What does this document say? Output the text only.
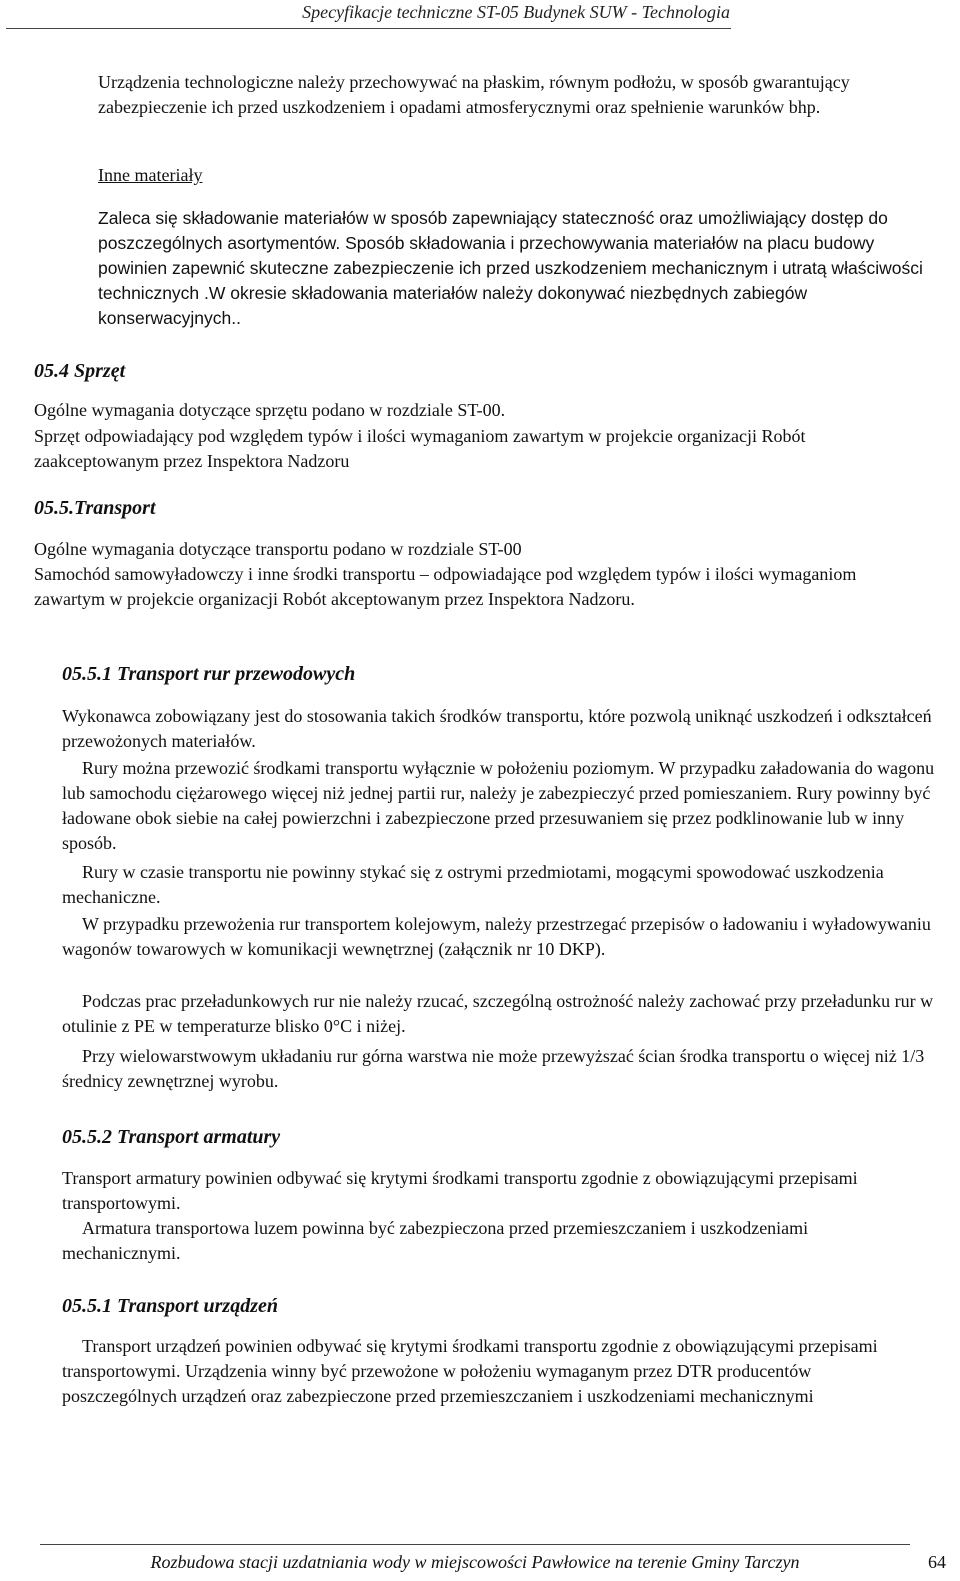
Specyfikacje techniczne ST-05 Budynek SUW - Technologia
Urządzenia technologiczne należy przechowywać na płaskim, równym podłożu, w sposób gwarantujący zabezpieczenie ich przed uszkodzeniem i opadami atmosferycznymi oraz spełnienie warunków bhp.
Inne materiały
Zaleca się składowanie materiałów w sposób zapewniający stateczność oraz umożliwiający dostęp do poszczególnych asortymentów. Sposób składowania i przechowywania materiałów na placu budowy powinien zapewnić skuteczne zabezpieczenie ich przed uszkodzeniem mechanicznym i utratą właściwości technicznych .W okresie składowania materiałów należy dokonywać niezbędnych zabiegów konserwacyjnych..
05.4 Sprzęt
Ogólne wymagania dotyczące sprzętu podano w rozdziale ST-00.
Sprzęt odpowiadający pod względem typów i ilości wymaganiom zawartym w projekcie organizacji Robót zaakceptowanym przez Inspektora Nadzoru
05.5.Transport
Ogólne wymagania dotyczące transportu podano w rozdziale ST-00
Samochód samowyładowczy i inne środki transportu – odpowiadające pod względem typów i ilości wymaganiom zawartym w projekcie organizacji Robót akceptowanym przez Inspektora Nadzoru.
05.5.1 Transport rur przewodowych
Wykonawca zobowiązany jest do stosowania takich środków transportu, które pozwolą uniknąć uszkodzeń i odkształceń przewożonych materiałów.
Rury można przewozić środkami transportu wyłącznie w położeniu poziomym. W przypadku załadowania do wagonu lub samochodu ciężarowego więcej niż jednej partii rur, należy je zabezpieczyć przed pomieszaniem. Rury powinny być ładowane obok siebie na całej powierzchni i zabezpieczone przed przesuwaniem się przez podklinowanie lub w inny sposób.
Rury w czasie transportu nie powinny stykać się z ostrymi przedmiotami, mogącymi spowodować uszkodzenia mechaniczne.
W przypadku przewożenia rur transportem kolejowym, należy przestrzegać przepisów o ładowaniu i wyładowywaniu wagonów towarowych w komunikacji wewnętrznej (załącznik nr 10 DKP).
Podczas prac przeładunkowych rur nie należy rzucać, szczególną ostrożność należy zachować przy przeładunku rur w otulinie z PE w temperaturze blisko 0°C i niżej.
Przy wielowarstwowym układaniu rur górna warstwa nie może przewyższać ścian środka transportu o więcej niż 1/3 średnicy zewnętrznej wyrobu.
05.5.2 Transport armatury
Transport armatury powinien odbywać się krytymi środkami transportu zgodnie z obowiązującymi przepisami transportowymi.
Armatura transportowa luzem powinna być zabezpieczona przed przemieszczaniem i uszkodzeniami mechanicznymi.
05.5.1 Transport urządzeń
Transport urządzeń powinien odbywać się krytymi środkami transportu zgodnie z obowiązującymi przepisami transportowymi. Urządzenia winny być przewożone w położeniu wymaganym przez DTR producentów poszczególnych urządzeń oraz zabezpieczone przed przemieszczaniem i uszkodzeniami mechanicznymi
Rozbudowa stacji uzdatniania wody w miejscowości Pawłowice na terenie Gminy Tarczyn	64
